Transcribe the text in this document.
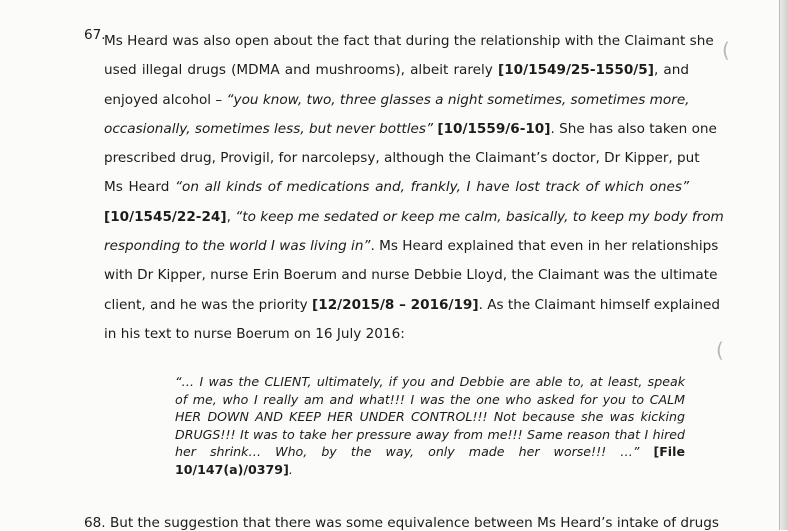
(
(
67.
Ms Heard was also open about the fact that during the relationship with the Claimant she
used illegal drugs (MDMA and mushrooms), albeit rarely [10/1549/25-1550/5], and
enjoyed alcohol – “you know, two, three glasses a night sometimes, sometimes more,
occasionally, sometimes less, but never bottles” [10/1559/6-10]. She has also taken one
prescribed drug, Provigil, for narcolepsy, although the Claimant’s doctor, Dr Kipper, put
Ms Heard “on all kinds of medications and, frankly, I have lost track of which ones”
[10/1545/22-24], “to keep me sedated or keep me calm, basically, to keep my body from
responding to the world I was living in”. Ms Heard explained that even in her relationships
with Dr Kipper, nurse Erin Boerum and nurse Debbie Lloyd, the Claimant was the ultimate
client, and he was the priority [12/2015/8 – 2016/19]. As the Claimant himself explained
in his text to nurse Boerum on 16 July 2016:
“… I was the CLIENT, ultimately, if you and Debbie are able to, at least, speak
of me, who I really am and what!!! I was the one who asked for you to CALM
HER DOWN AND KEEP HER UNDER CONTROL!!! Not because she was kicking
DRUGS!!! It was to take her pressure away from me!!! Same reason that I hired
her shrink… Who, by the way, only made her worse!!! …” [File
10/147(a)/0379].
68. But the suggestion that there was some equivalence between Ms Heard’s intake of drugs
